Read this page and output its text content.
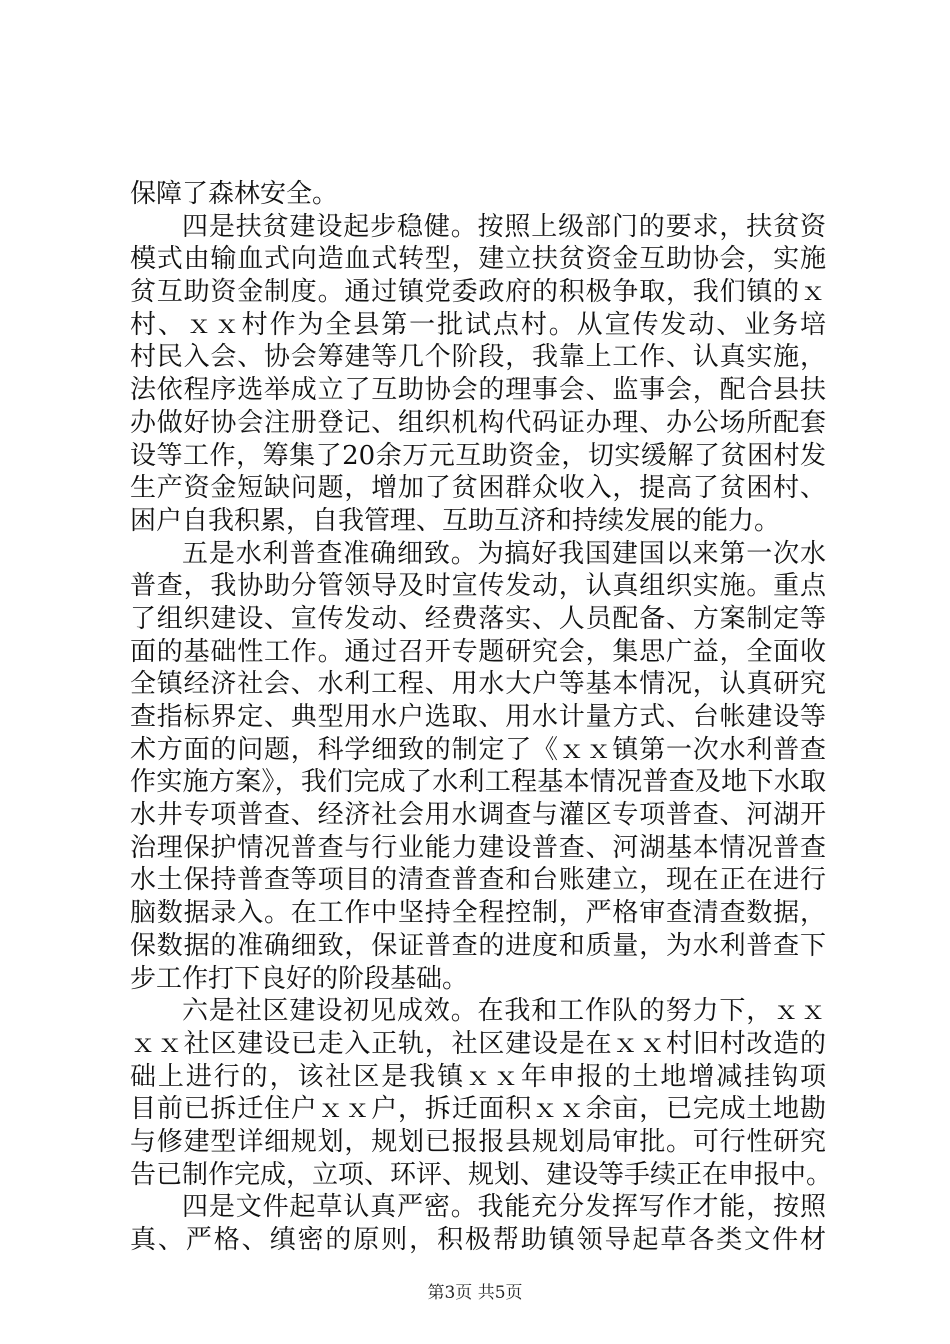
保障了森林安全。
四是扶贫建设起步稳健。按照上级部门的要求，扶贫资
模式由输血式向造血式转型，建立扶贫资金互助协会，实施
贫互助资金制度。通过镇党委政府的积极争取，我们镇的ｘ
村、ｘｘ村作为全县第一批试点村。从宣传发动、业务培
村民入会、协会筹建等几个阶段，我靠上工作、认真实施，
法依程序选举成立了互助协会的理事会、监事会，配合县扶
办做好协会注册登记、组织机构代码证办理、办公场所配套
设等工作，筹集了20余万元互助资金，切实缓解了贫困村发
生产资金短缺问题，增加了贫困群众收入，提高了贫困村、
困户自我积累，自我管理、互助互济和持续发展的能力。
五是水利普查准确细致。为搞好我国建国以来第一次水
普查，我协助分管领导及时宣传发动，认真组织实施。重点
了组织建设、宣传发动、经费落实、人员配备、方案制定等
面的基础性工作。通过召开专题研究会，集思广益，全面收
全镇经济社会、水利工程、用水大户等基本情况，认真研究
查指标界定、典型用水户选取、用水计量方式、台帐建设等
术方面的问题，科学细致的制定了《ｘｘ镇第一次水利普查
作实施方案》，我们完成了水利工程基本情况普查及地下水取
水井专项普查、经济社会用水调查与灌区专项普查、河湖开
治理保护情况普查与行业能力建设普查、河湖基本情况普查
水土保持普查等项目的清查普查和台账建立，现在正在进行
脑数据录入。在工作中坚持全程控制，严格审查清查数据，
保数据的准确细致，保证普查的进度和质量，为水利普查下
步工作打下良好的阶段基础。
六是社区建设初见成效。在我和工作队的努力下，ｘｘ
ｘｘ社区建设已走入正轨，社区建设是在ｘｘ村旧村改造的
础上进行的，该社区是我镇ｘｘ年申报的土地增减挂钩项
目前已拆迁住户ｘｘ户，拆迁面积ｘｘ余亩，已完成土地勘
与修建型详细规划，规划已报报县规划局审批。可行性研究
告已制作完成，立项、环评、规划、建设等手续正在申报中。
四是文件起草认真严密。我能充分发挥写作才能，按照
真、严格、缜密的原则，积极帮助镇领导起草各类文件材
第3页 共5页
